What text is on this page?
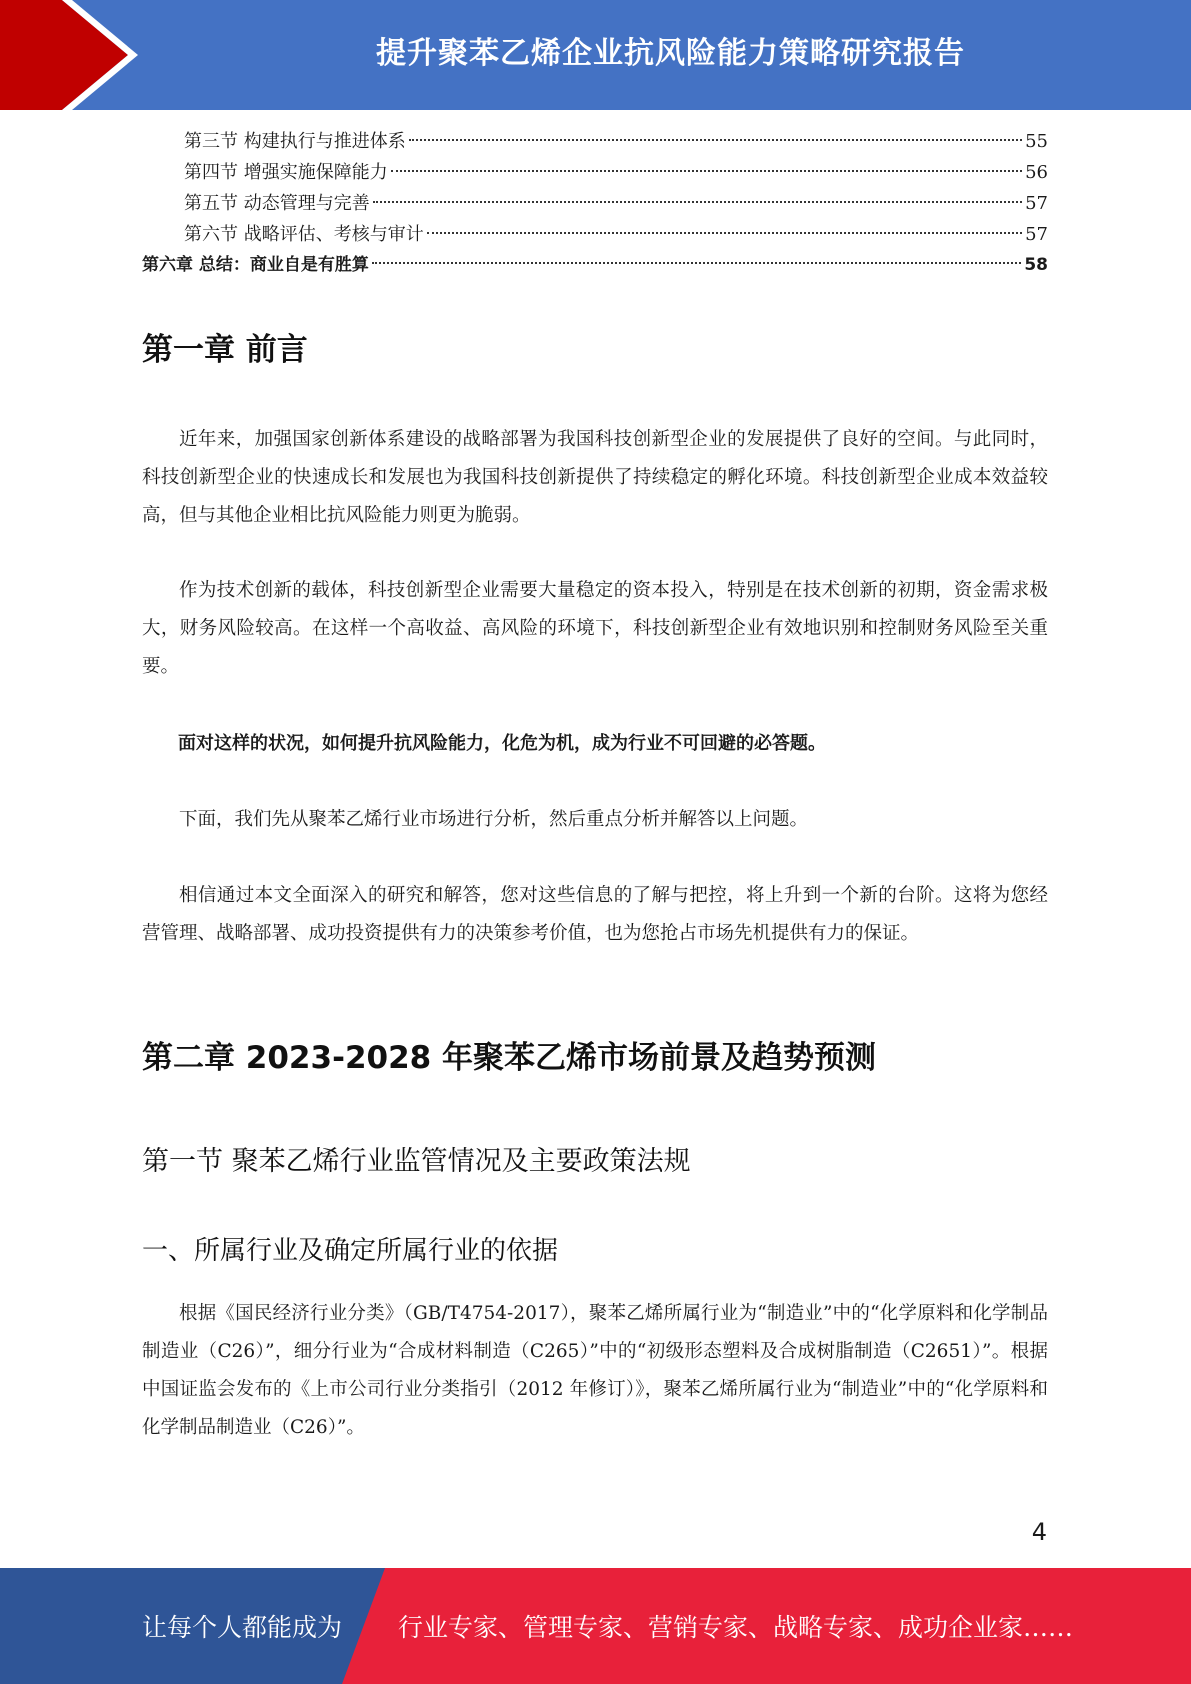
提升聚苯乙烯企业抗风险能力策略研究报告
第三节 构建执行与推进体系	55
第四节 增强实施保障能力	56
第五节 动态管理与完善	57
第六节 战略评估、考核与审计	57
第六章 总结：商业自是有胜算	58
第一章 前言
近年来，加强国家创新体系建设的战略部署为我国科技创新型企业的发展提供了良好的空间。与此同时，科技创新型企业的快速成长和发展也为我国科技创新提供了持续稳定的孵化环境。科技创新型企业成本效益较高，但与其他企业相比抗风险能力则更为脆弱。
作为技术创新的载体，科技创新型企业需要大量稳定的资本投入，特别是在技术创新的初期，资金需求极大，财务风险较高。在这样一个高收益、高风险的环境下，科技创新型企业有效地识别和控制财务风险至关重要。
面对这样的状况，如何提升抗风险能力，化危为机，成为行业不可回避的必答题。
下面，我们先从聚苯乙烯行业市场进行分析，然后重点分析并解答以上问题。
相信通过本文全面深入的研究和解答，您对这些信息的了解与把控，将上升到一个新的台阶。这将为您经营管理、战略部署、成功投资提供有力的决策参考价值，也为您抢占市场先机提供有力的保证。
第二章 2023-2028 年聚苯乙烯市场前景及趋势预测
第一节 聚苯乙烯行业监管情况及主要政策法规
一、所属行业及确定所属行业的依据
根据《国民经济行业分类》（GB/T4754-2017），聚苯乙烯所属行业为“制造业”中的“化学原料和化学制品制造业（C26）”，细分行业为“合成材料制造（C265）”中的“初级形态塑料及合成树脂制造（C2651）”。根据中国证监会发布的《上市公司行业分类指引（2012 年修订）》，聚苯乙烯所属行业为“制造业”中的“化学原料和化学制品制造业（C26）”。
4
让每个人都能成为 行业专家、管理专家、营销专家、战略专家、成功企业家……
